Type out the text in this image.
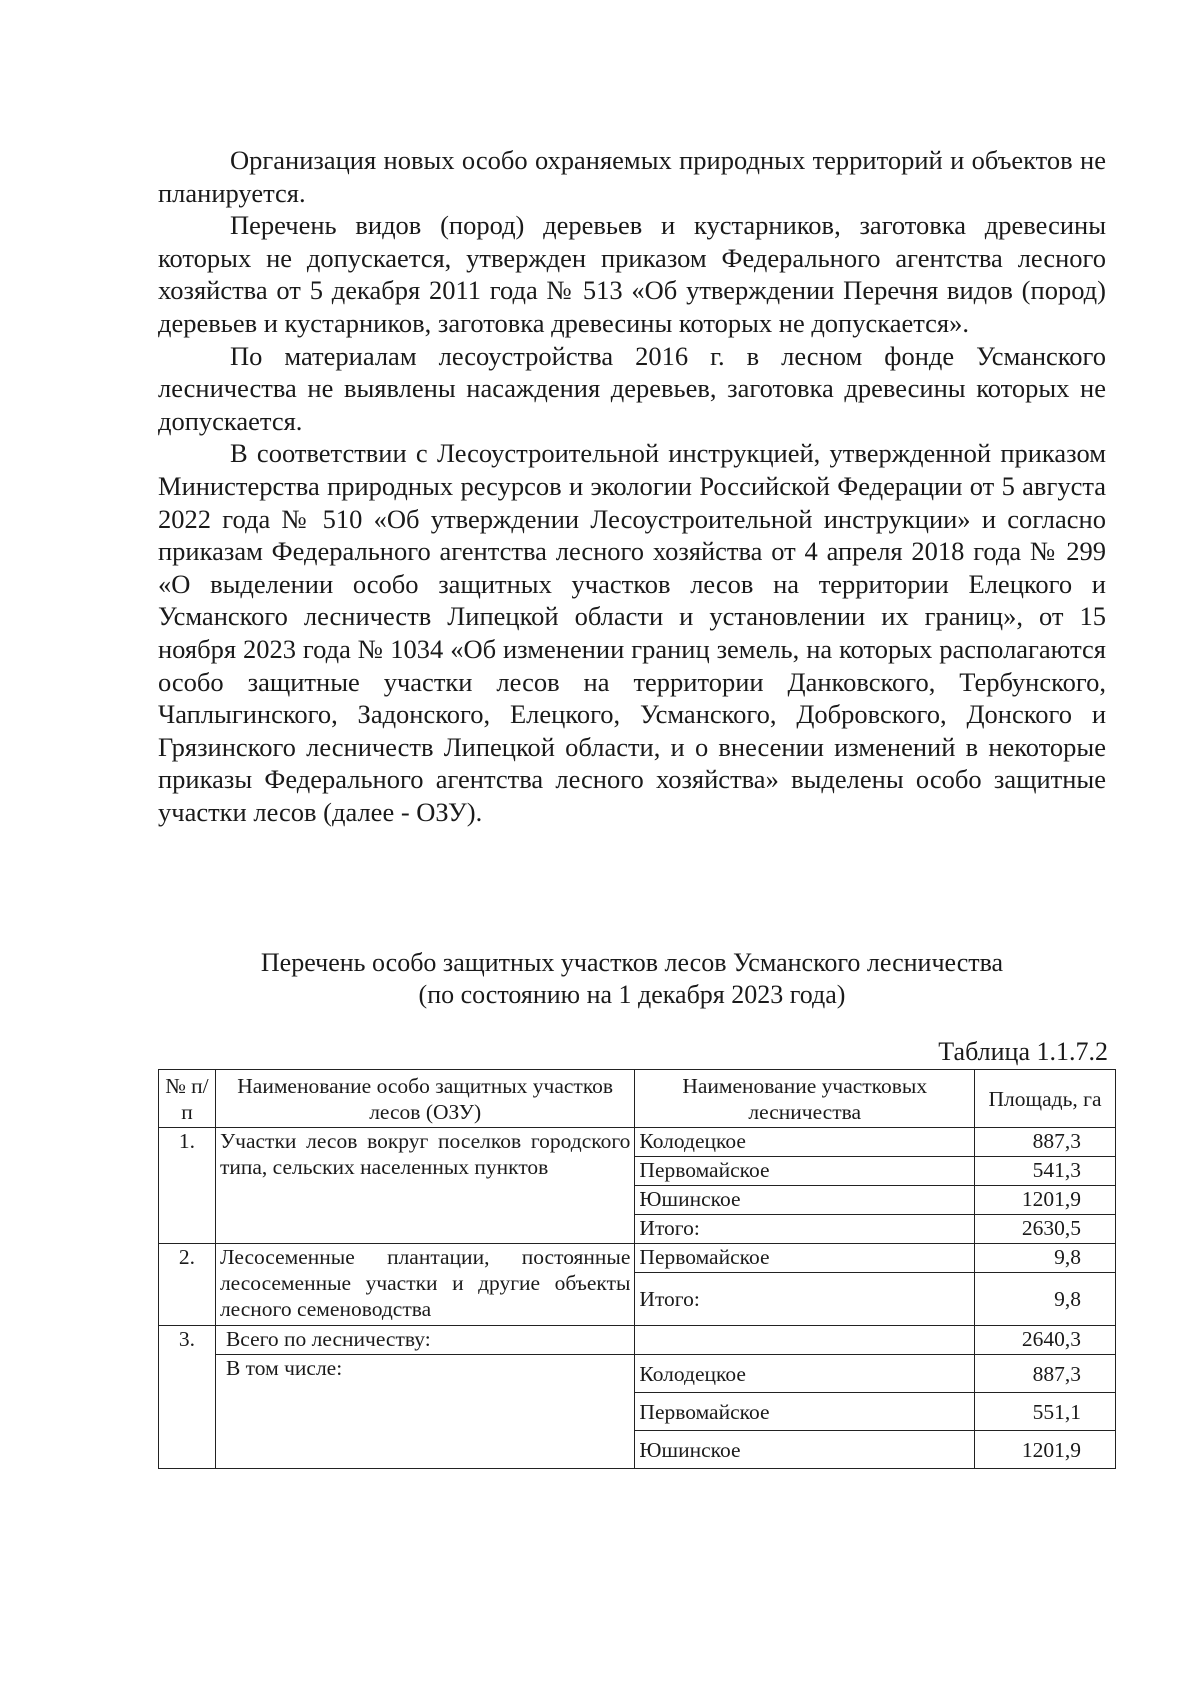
Организация новых особо охраняемых природных территорий и объектов не планируется.

Перечень видов (пород) деревьев и кустарников, заготовка древесины которых не допускается, утвержден приказом Федерального агентства лесного хозяйства от 5 декабря 2011 года № 513 «Об утверждении Перечня видов (пород) деревьев и кустарников, заготовка древесины которых не допускается».

По материалам лесоустройства 2016 г. в лесном фонде Усманского лесничества не выявлены насаждения деревьев, заготовка древесины которых не допускается.

В соответствии с Лесоустроительной инструкцией, утвержденной приказом Министерства природных ресурсов и экологии Российской Федерации от 5 августа 2022 года № 510 «Об утверждении Лесоустроительной инструкции» и согласно приказам Федерального агентства лесного хозяйства от 4 апреля 2018 года № 299 «О выделении особо защитных участков лесов на территории Елецкого и Усманского лесничеств Липецкой области и установлении их границ», от 15 ноября 2023 года № 1034 «Об изменении границ земель, на которых располагаются особо защитные участки лесов на территории Данковского, Тербунского, Чаплыгинского, Задонского, Елецкого, Усманского, Добровского, Донского и Грязинского лесничеств Липецкой области, и о внесении изменений в некоторые приказы Федерального агентства лесного хозяйства» выделены особо защитные участки лесов (далее - ОЗУ).

Перечень особо защитных участков лесов Усманского лесничества
(по состоянию на 1 декабря 2023 года)
Таблица 1.1.7.2
№ п/п	Наименование особо защитных участков лесов (ОЗУ)	Наименование участковых лесничества	Площадь, га
1.	Участки лесов вокруг поселков городского типа, сельских населенных пунктов	Колодецкое	887,3
		Первомайское	541,3
		Юшинское	1201,9
		Итого:	2630,5
2.	Лесосеменные плантации, постоянные лесосеменные участки и другие объекты лесного семеноводства	Первомайское	9,8
		Итого:	9,8
3.	Всего по лесничеству:		2640,3
	В том числе:	Колодецкое	887,3
		Первомайское	551,1
		Юшинское	1201,9
